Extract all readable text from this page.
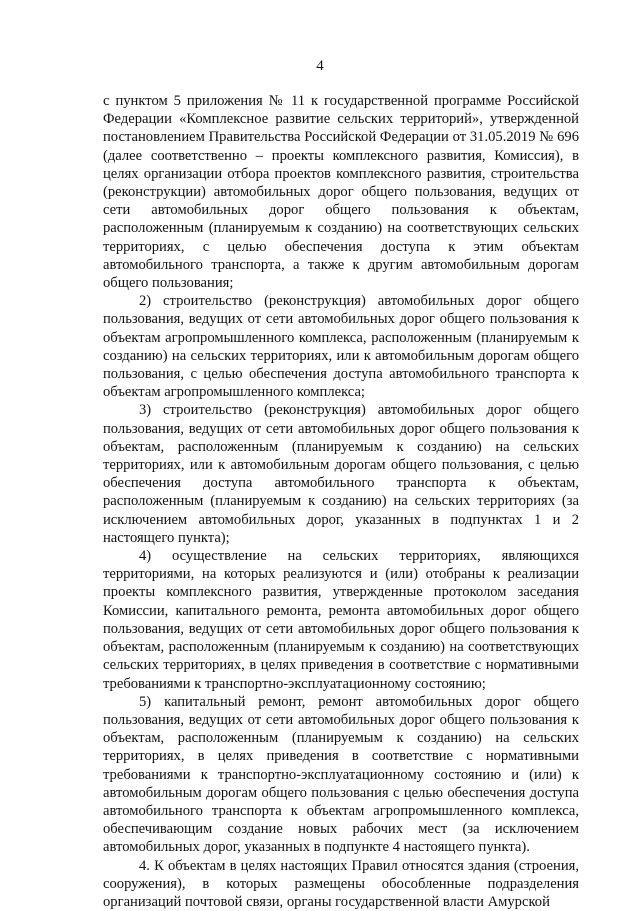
4

с пунктом 5 приложения № 11 к государственной программе Российской Федерации «Комплексное развитие сельских территорий», утвержденной постановлением Правительства Российской Федерации от 31.05.2019 № 696 (далее соответственно – проекты комплексного развития, Комиссия), в целях организации отбора проектов комплексного развития, строительства (реконструкции) автомобильных дорог общего пользования, ведущих от сети автомобильных дорог общего пользования к объектам, расположенным (планируемым к созданию) на соответствующих сельских территориях, с целью обеспечения доступа к этим объектам автомобильного транспорта, а также к другим автомобильным дорогам общего пользования;

2) строительство (реконструкция) автомобильных дорог общего пользования, ведущих от сети автомобильных дорог общего пользования к объектам агропромышленного комплекса, расположенным (планируемым к созданию) на сельских территориях, или к автомобильным дорогам общего пользования, с целью обеспечения доступа автомобильного транспорта к объектам агропромышленного комплекса;

3) строительство (реконструкция) автомобильных дорог общего пользования, ведущих от сети автомобильных дорог общего пользования к объектам, расположенным (планируемым к созданию) на сельских территориях, или к автомобильным дорогам общего пользования, с целью обеспечения доступа автомобильного транспорта к объектам, расположенным (планируемым к созданию) на сельских территориях (за исключением автомобильных дорог, указанных в подпунктах 1 и 2 настоящего пункта);

4) осуществление на сельских территориях, являющихся территориями, на которых реализуются и (или) отобраны к реализации проекты комплексного развития, утвержденные протоколом заседания Комиссии, капитального ремонта, ремонта автомобильных дорог общего пользования, ведущих от сети автомобильных дорог общего пользования к объектам, расположенным (планируемым к созданию) на соответствующих сельских территориях, в целях приведения в соответствие с нормативными требованиями к транспортно-эксплуатационному состоянию;

5) капитальный ремонт, ремонт автомобильных дорог общего пользования, ведущих от сети автомобильных дорог общего пользования к объектам, расположенным (планируемым к созданию) на сельских территориях, в целях приведения в соответствие с нормативными требованиями к транспортно-эксплуатационному состоянию и (или) к автомобильным дорогам общего пользования с целью обеспечения доступа автомобильного транспорта к объектам агропромышленного комплекса, обеспечивающим создание новых рабочих мест (за исключением автомобильных дорог, указанных в подпункте 4 настоящего пункта).

4. К объектам в целях настоящих Правил относятся здания (строения, сооружения), в которых размещены обособленные подразделения организаций почтовой связи, органы государственной власти Амурской
